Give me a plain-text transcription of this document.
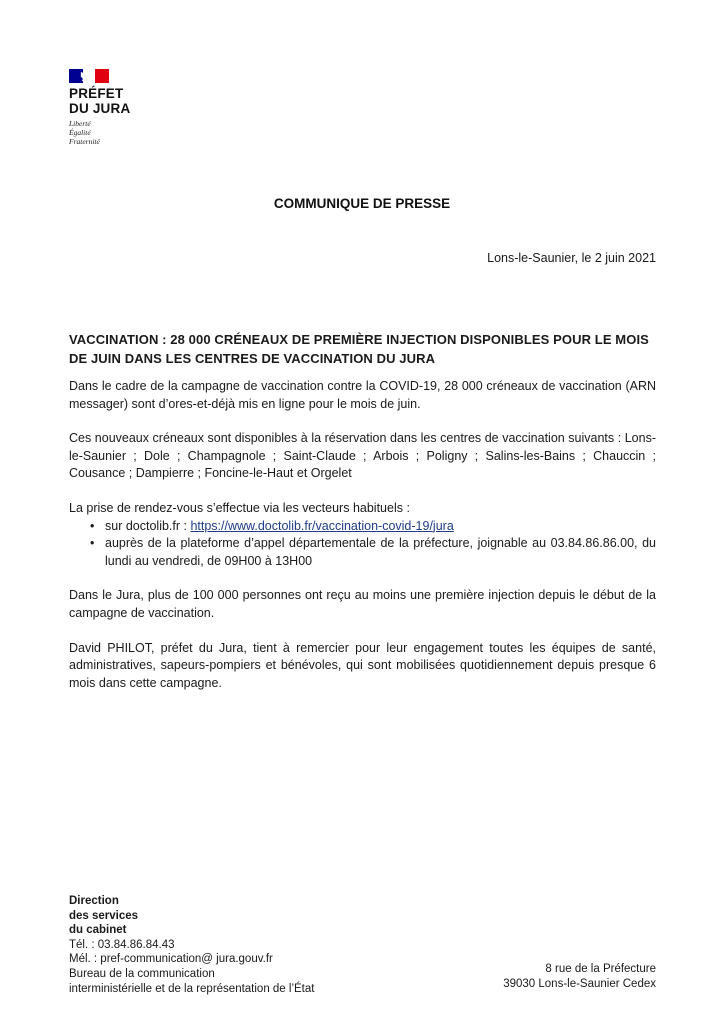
PRÉFET
DU JURA
Liberté
Égalité
Fraternité
COMMUNIQUE DE PRESSE
Lons-le-Saunier, le 2 juin 2021
VACCINATION : 28 000 CRÉNEAUX DE PREMIÈRE INJECTION DISPONIBLES POUR LE MOIS DE JUIN DANS LES CENTRES DE VACCINATION DU JURA

Dans le cadre de la campagne de vaccination contre la COVID-19, 28 000 créneaux de vaccination (ARN messager) sont d’ores-et-déjà mis en ligne pour le mois de juin.

Ces nouveaux créneaux sont disponibles à la réservation dans les centres de vaccination suivants : Lons-le-Saunier ; Dole ; Champagnole ; Saint-Claude ; Arbois ; Poligny ; Salins-les-Bains ; Chauccin ; Cousance ; Dampierre ; Foncine-le-Haut et Orgelet

La prise de rendez-vous s’effectue via les vecteurs habituels :

• sur doctolib.fr : https://www.doctolib.fr/vaccination-covid-19/jura
• auprès de la plateforme d’appel départementale de la préfecture, joignable au 03.84.86.86.00, du lundi au vendredi, de 09H00 à 13H00

Dans le Jura, plus de 100 000 personnes ont reçu au moins une première injection depuis le début de la campagne de vaccination.

David PHILOT, préfet du Jura, tient à remercier pour leur engagement toutes les équipes de santé, administratives, sapeurs-pompiers et bénévoles, qui sont mobilisées quotidiennement depuis presque 6 mois dans cette campagne.

Direction
des services
du cabinet
Tél. : 03.84.86.84.43
Mél. : pref-communication@ jura.gouv.fr
Bureau de la communication
interministérielle et de la représentation de l’État
8 rue de la Préfecture
39030 Lons-le-Saunier Cedex
